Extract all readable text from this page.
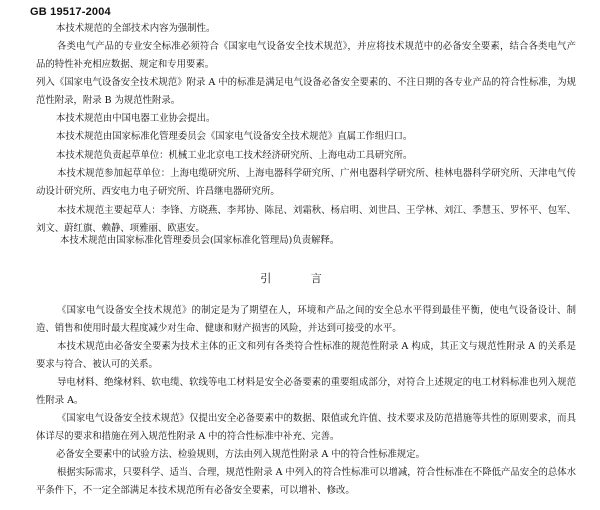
GB 19517-2004

本技术规范的全部技术内容为强制性。

各类电气产品的专业安全标准必须符合《国家电气设备安全技术规范》，并应将技术规范中的必备安全要素，结合各类电气产品的特性补充相应数据、规定和专用要素。

列入《国家电气设备安全技术规范》附录 A 中的标准是满足电气设备必备安全要素的、不注日期的各专业产品的符合性标准，为规范性附录，附录 B 为规范性附录。

本技术规范由中国电器工业协会提出。

本技术规范由国家标准化管理委员会《国家电气设备安全技术规范》直属工作组归口。

本技术规范负责起草单位：机械工业北京电工技术经济研究所、上海电动工具研究所。

本技术规范参加起草单位：上海电缆研究所、上海电器科学研究所、广州电器科学研究所、桂林电器科学研究所、天津电气传动设计研究所、西安电力电子研究所、许昌继电器研究所。

本技术规范主要起草人：李锋、方晓燕、李邦协、陈昆、刘霜秋、杨启明、刘世昌、王学林、刘江、季慧玉、罗怀平、包军、刘文、蔚红旗、赖静、项雅丽、欧惠安。

本技术规范由国家标准化管理委员会(国家标准化管理局)负责解释。

引 言

《国家电气设备安全技术规范》的制定是为了期望在人，环境和产品之间的安全总水平得到最佳平衡，使电气设备设计、制造、销售和使用时最大程度减少对生命、健康和财产损害的风险，并达到可接受的水平。

本技术规范由必备安全要素为技术主体的正文和列有各类符合性标准的规范性附录 A 构成，其正文与规范性附录 A 的关系是要求与符合、被认可的关系。

导电材料、绝缘材料、软电缆、软线等电工材料是安全必备要素的重要组成部分，对符合上述规定的电工材料标准也列入规范性附录 A。

《国家电气设备安全技术规范》仅提出安全必备要素中的数据、限值或允许值、技术要求及防范措施等共性的原则要求，而具体详尽的要求和措施在列入规范性附录 A 中的符合性标准中补充、完善。

必备安全要素中的试验方法、检验规则，方法由列入规范性附录 A 中的符合性标准规定。

根据实际需求，只要科学、适当、合理，规范性附录 A 中列入的符合性标准可以增减，符合性标准在不降低产品安全的总体水平条件下，不一定全部满足本技术规范所有必备安全要素，可以增补、修改。
